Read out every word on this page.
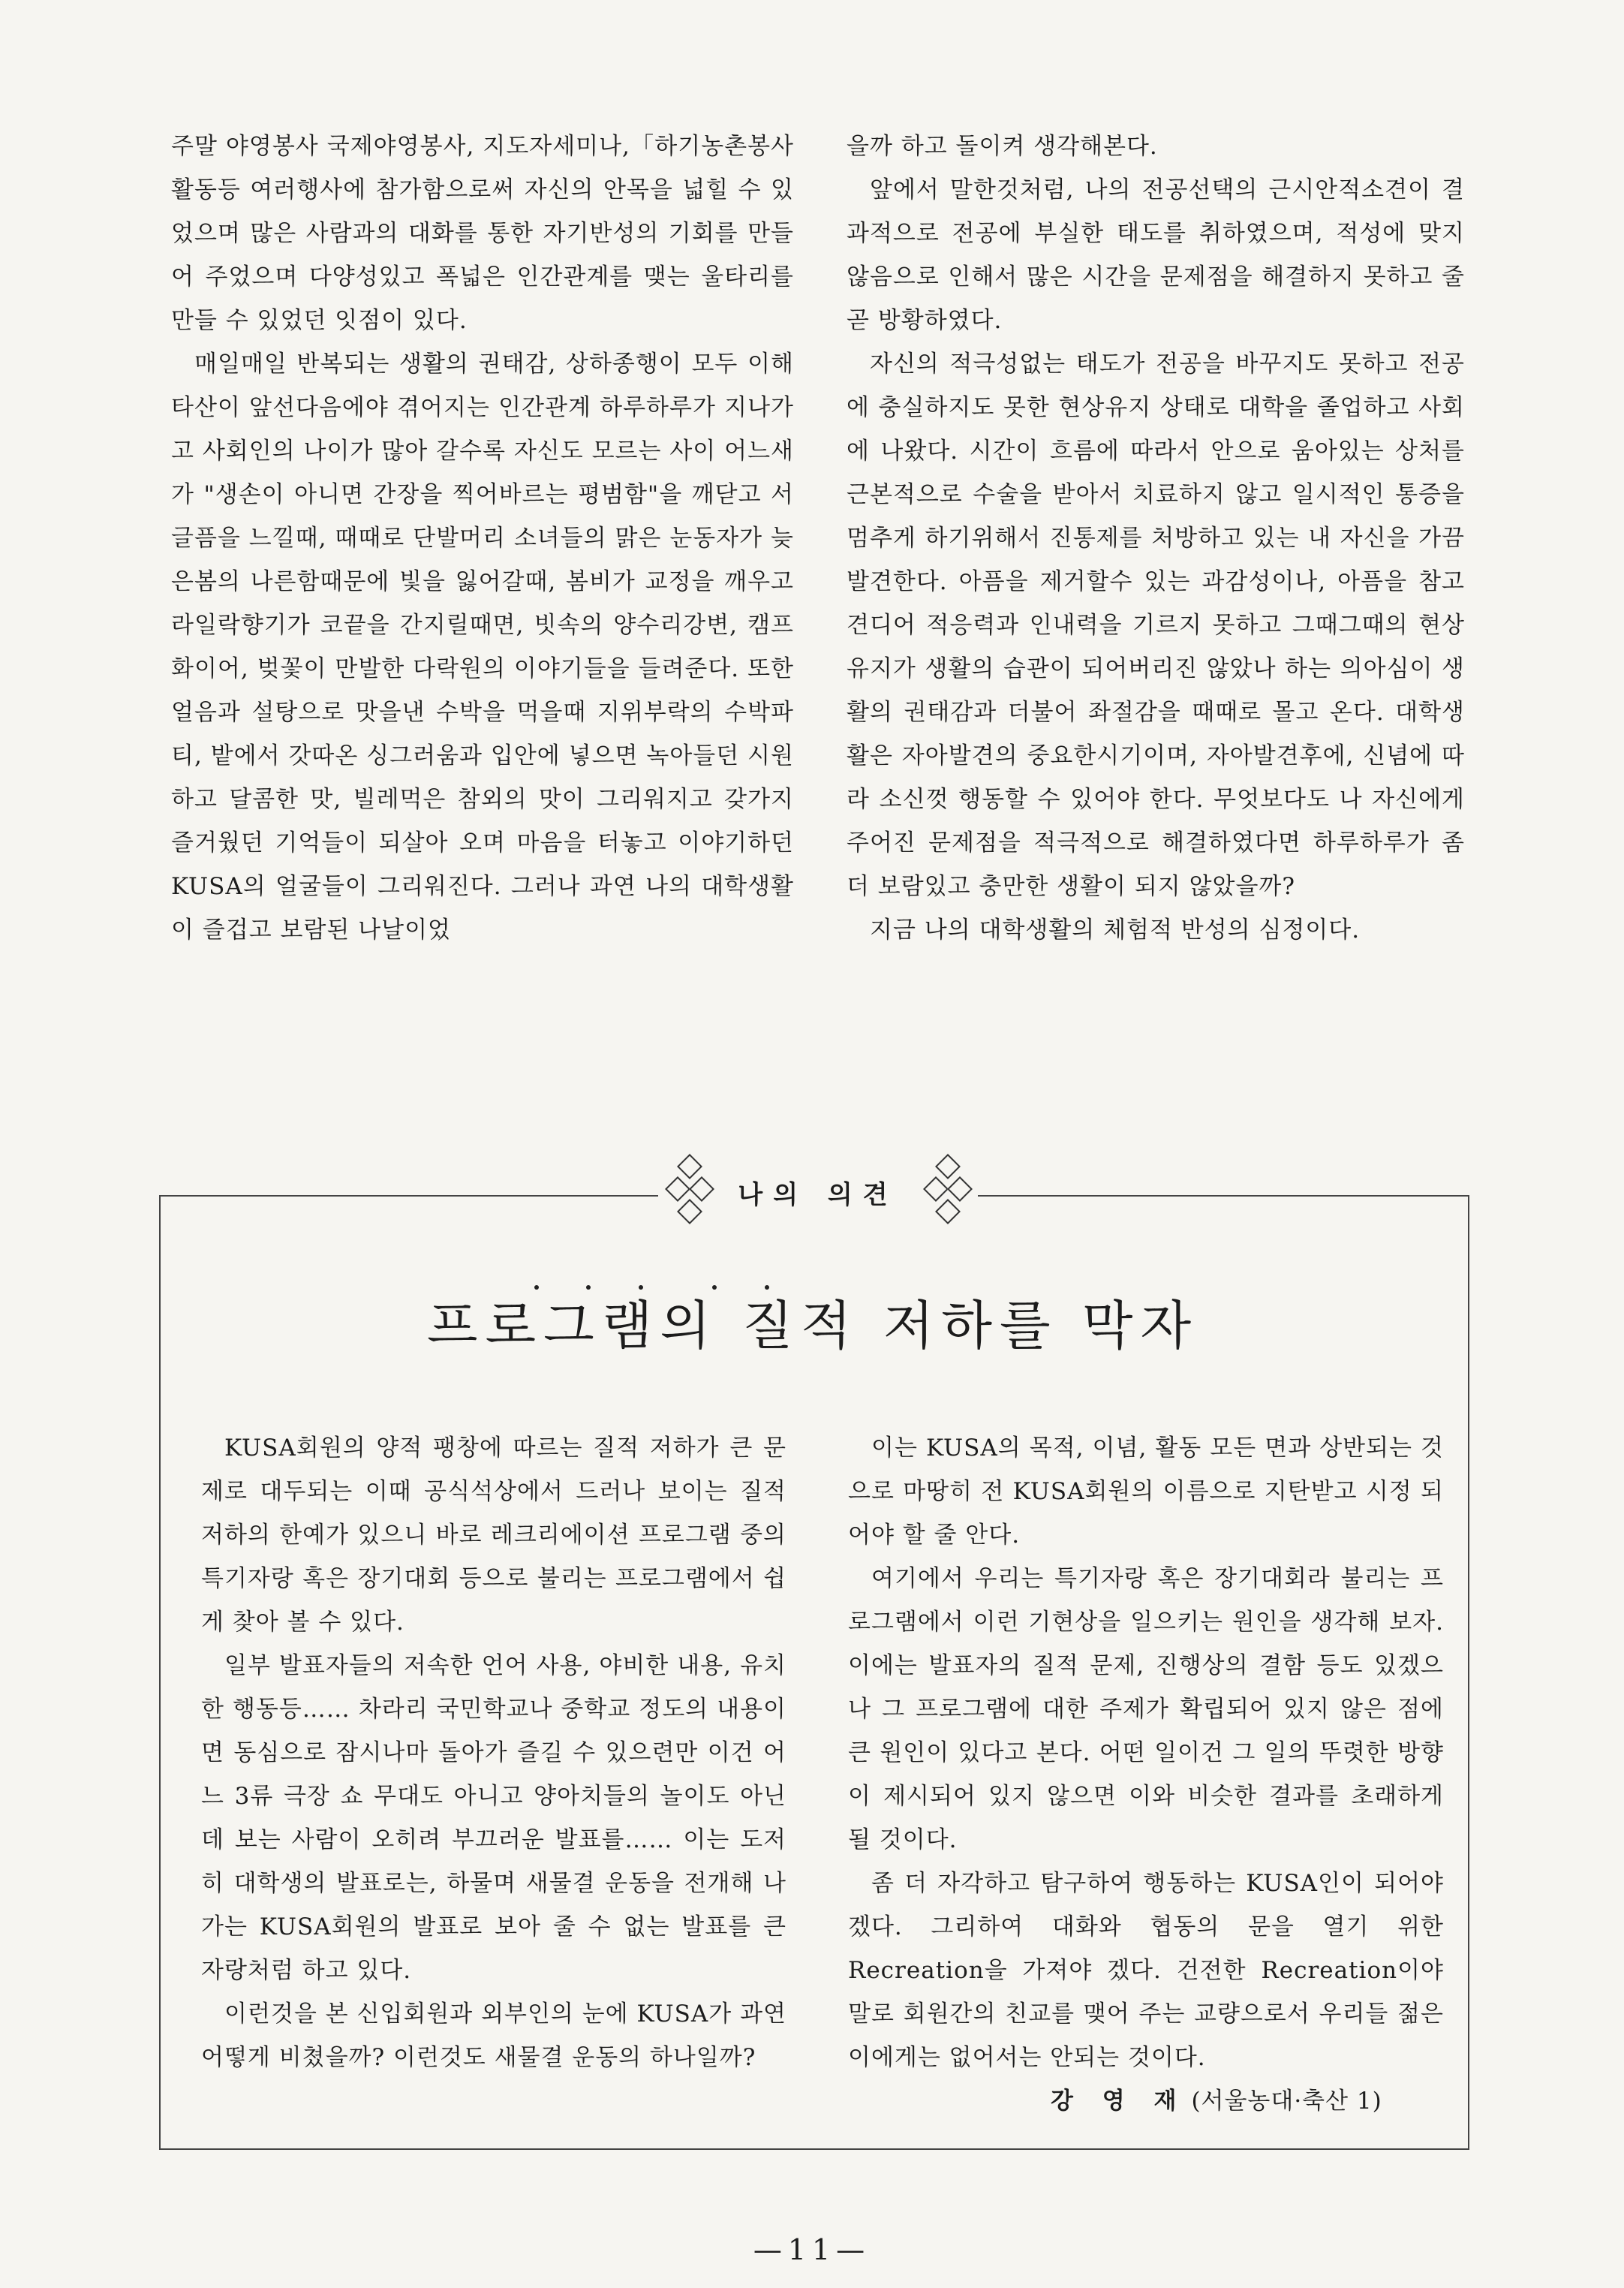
주말 야영봉사 국제야영봉사, 지도자세미나,「하기농촌봉사활동등 여러행사에 참가함으로써 자신의 안목을 넓힐 수 있었으며 많은 사람과의 대화를 통한 자기반성의 기회를 만들어 주었으며 다양성있고 폭넓은 인간관계를 맺는 울타리를 만들 수 있었던 잇점이 있다.

매일매일 반복되는 생활의 권태감, 상하종행이 모두 이해타산이 앞선다음에야 겪어지는 인간관계 하루하루가 지나가고 사회인의 나이가 많아 갈수록 자신도 모르는 사이 어느새가 "생손이 아니면 간장을 찍어바르는 평범함"을 깨닫고 서글픔을 느낄때, 때때로 단발머리 소녀들의 맑은 눈동자가 늦은봄의 나른함때문에 빛을 잃어갈때, 봄비가 교정을 깨우고 라일락향기가 코끝을 간지릴때면, 빗속의 양수리강변, 캠프화이어, 벚꽃이 만발한 다락원의 이야기들을 들려준다. 또한 얼음과 설탕으로 맛을낸 수박을 먹을때 지위부락의 수박파티, 밭에서 갓따온 싱그러움과 입안에 넣으면 녹아들던 시원하고 달콤한 맛, 빌레먹은 참외의 맛이 그리워지고 갖가지 즐거웠던 기억들이 되살아 오며 마음을 터놓고 이야기하던 KUSA의 얼굴들이 그리워진다. 그러나 과연 나의 대학생활이 즐겁고 보람된 나날이었

을까 하고 돌이켜 생각해본다.

앞에서 말한것처럼, 나의 전공선택의 근시안적소견이 결과적으로 전공에 부실한 태도를 취하였으며, 적성에 맞지 않음으로 인해서 많은 시간을 문제점을 해결하지 못하고 줄곧 방황하였다.

자신의 적극성없는 태도가 전공을 바꾸지도 못하고 전공에 충실하지도 못한 현상유지 상태로 대학을 졸업하고 사회에 나왔다. 시간이 흐름에 따라서 안으로 움아있는 상처를 근본적으로 수술을 받아서 치료하지 않고 일시적인 통증을 멈추게 하기위해서 진통제를 처방하고 있는 내 자신을 가끔 발견한다. 아픔을 제거할수 있는 과감성이나, 아픔을 참고 견디어 적응력과 인내력을 기르지 못하고 그때그때의 현상유지가 생활의 습관이 되어버리진 않았나 하는 의아심이 생활의 권태감과 더불어 좌절감을 때때로 몰고 온다. 대학생활은 자아발견의 중요한시기이며, 자아발견후에, 신념에 따라 소신껏 행동할 수 있어야 한다. 무엇보다도 나 자신에게 주어진 문제점을 적극적으로 해결하였다면 하루하루가 좀더 보람있고 충만한 생활이 되지 않았을까?

지금 나의 대학생활의 체험적 반성의 심정이다.

나의 의견
프로그램의 질적 저하를 막자

KUSA회원의 양적 팽창에 따르는 질적 저하가 큰 문제로 대두되는 이때 공식석상에서 드러나 보이는 질적 저하의 한예가 있으니 바로 레크리에이션 프로그램 중의 특기자랑 혹은 장기대회 등으로 불리는 프로그램에서 쉽게 찾아 볼 수 있다.

일부 발표자들의 저속한 언어 사용, 야비한 내용, 유치한 행동등…… 차라리 국민학교나 중학교 정도의 내용이면 동심으로 잠시나마 돌아가 즐길 수 있으련만 이건 어느 3류 극장 쇼 무대도 아니고 양아치들의 놀이도 아닌데 보는 사람이 오히려 부끄러운 발표를…… 이는 도저히 대학생의 발표로는, 하물며 새물결 운동을 전개해 나가는 KUSA회원의 발표로 보아 줄 수 없는 발표를 큰 자랑처럼 하고 있다.

이런것을 본 신입회원과 외부인의 눈에 KUSA가 과연 어떻게 비쳤을까? 이런것도 새물결 운동의 하나일까?

이는 KUSA의 목적, 이념, 활동 모든 면과 상반되는 것으로 마땅히 전 KUSA회원의 이름으로 지탄받고 시정 되어야 할 줄 안다.

여기에서 우리는 특기자랑 혹은 장기대회라 불리는 프로그램에서 이런 기현상을 일으키는 원인을 생각해 보자. 이에는 발표자의 질적 문제, 진행상의 결함 등도 있겠으나 그 프로그램에 대한 주제가 확립되어 있지 않은 점에 큰 원인이 있다고 본다. 어떤 일이건 그 일의 뚜렷한 방향이 제시되어 있지 않으면 이와 비슷한 결과를 초래하게 될 것이다.

좀 더 자각하고 탐구하여 행동하는 KUSA인이 되어야 겠다. 그리하여 대화와 협동의 문을 열기 위한 Recreation을 가져야 겠다. 건전한 Recreation이야 말로 회원간의 친교를 맺어 주는 교량으로서 우리들 젊은이에게는 없어서는 안되는 것이다.

강 영 재 (서울농대·축산 1)
—11—
